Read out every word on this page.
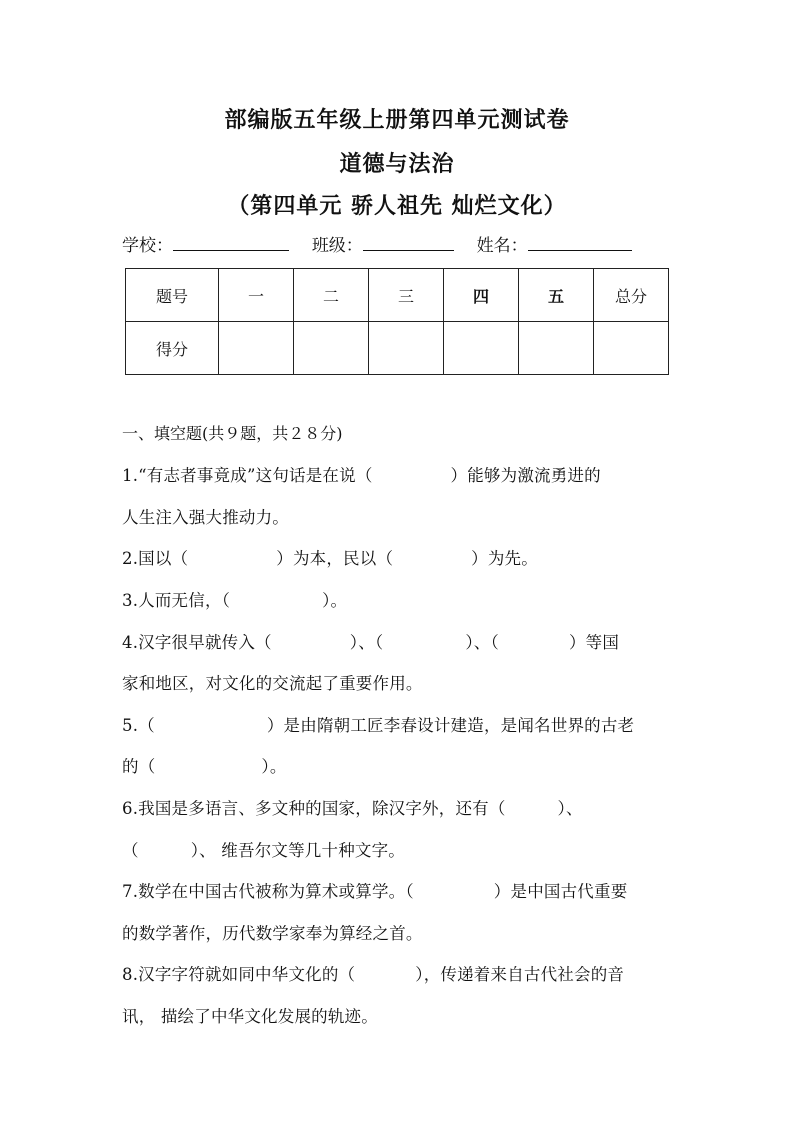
部编版五年级上册第四单元测试卷
道德与法治
（第四单元 骄人祖先 灿烂文化）
学校：	班级：	姓名：
题号	一	二	三	四	五	总分
得分						
一、填空题(共９题，共２８分)
1.“有志者事竟成”这句话是在说（	）能够为激流勇进的
人生注入强大推动力。
2.国以（	）为本，民以（	）为先。
3.人而无信，（	）。
4.汉字很早就传入（	）、（	）、（	）等国
家和地区，对文化的交流起了重要作用。
5.（	）是由隋朝工匠李春设计建造，是闻名世界的古老
的（	）。
6.我国是多语言、多文种的国家，除汉字外，还有（	）、
（	）、 维吾尔文等几十种文字。
7.数学在中国古代被称为算术或算学。（	）是中国古代重要
的数学著作，历代数学家奉为算经之首。
8.汉字字符就如同中华文化的（	），传递着来自古代社会的音
讯， 描绘了中华文化发展的轨迹。
